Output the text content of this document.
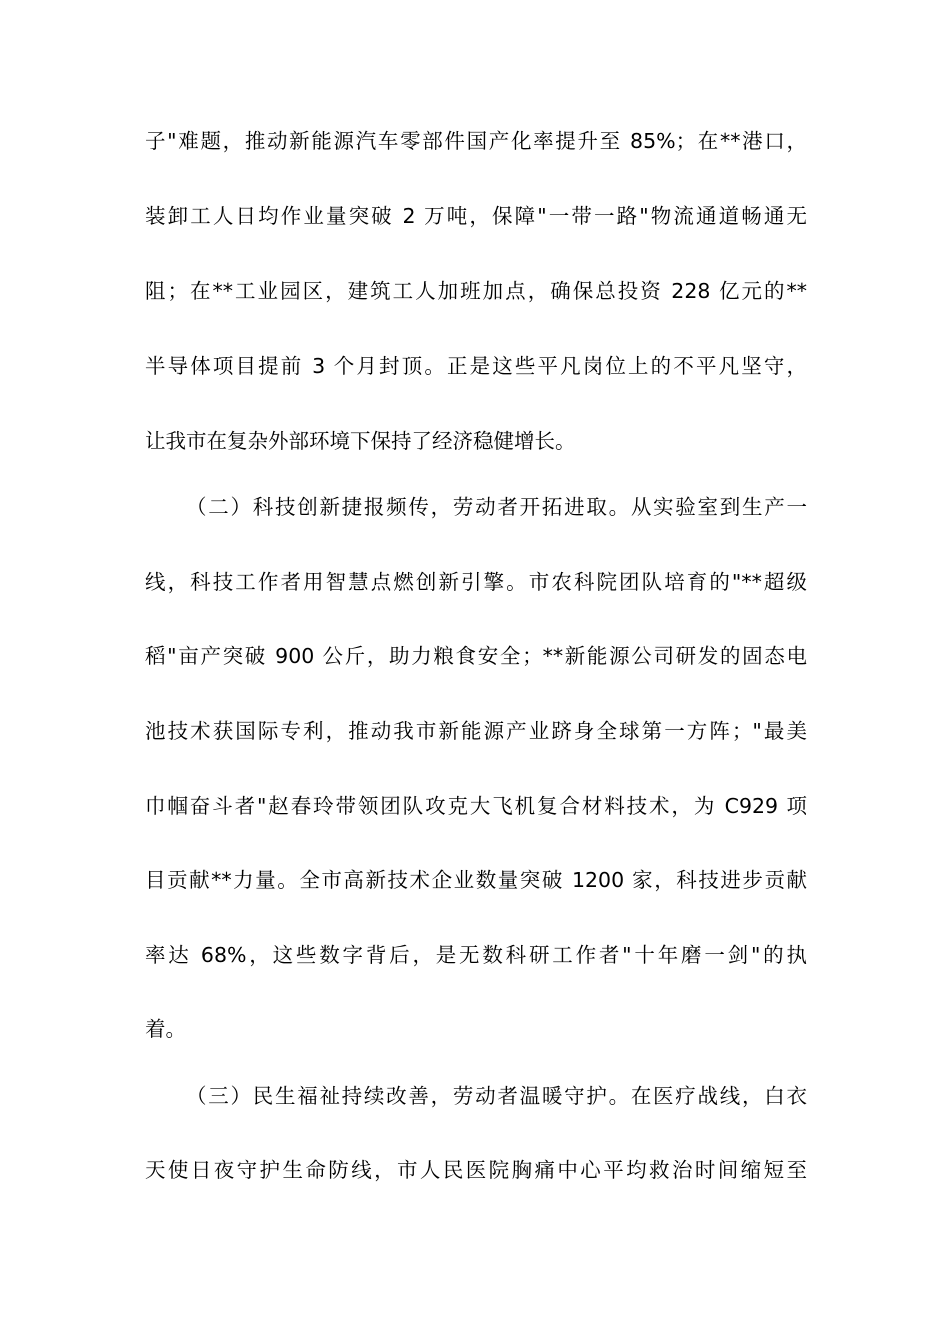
子"难题，推动新能源汽车零部件国产化率提升至 85%；在**港口，
装卸工人日均作业量突破 2 万吨，保障"一带一路"物流通道畅通无
阻；在**工业园区，建筑工人加班加点，确保总投资 228 亿元的**
半导体项目提前 3 个月封顶。正是这些平凡岗位上的不平凡坚守，
让我市在复杂外部环境下保持了经济稳健增长。
（二）科技创新捷报频传，劳动者开拓进取。从实验室到生产一
线，科技工作者用智慧点燃创新引擎。市农科院团队培育的"**超级
稻"亩产突破 900 公斤，助力粮食安全；**新能源公司研发的固态电
池技术获国际专利，推动我市新能源产业跻身全球第一方阵；"最美
巾帼奋斗者"赵春玲带领团队攻克大飞机复合材料技术，为 C929 项
目贡献**力量。全市高新技术企业数量突破 1200 家，科技进步贡献
率达 68%，这些数字背后，是无数科研工作者"十年磨一剑"的执
着。
（三）民生福祉持续改善，劳动者温暖守护。在医疗战线，白衣
天使日夜守护生命防线，市人民医院胸痛中心平均救治时间缩短至
